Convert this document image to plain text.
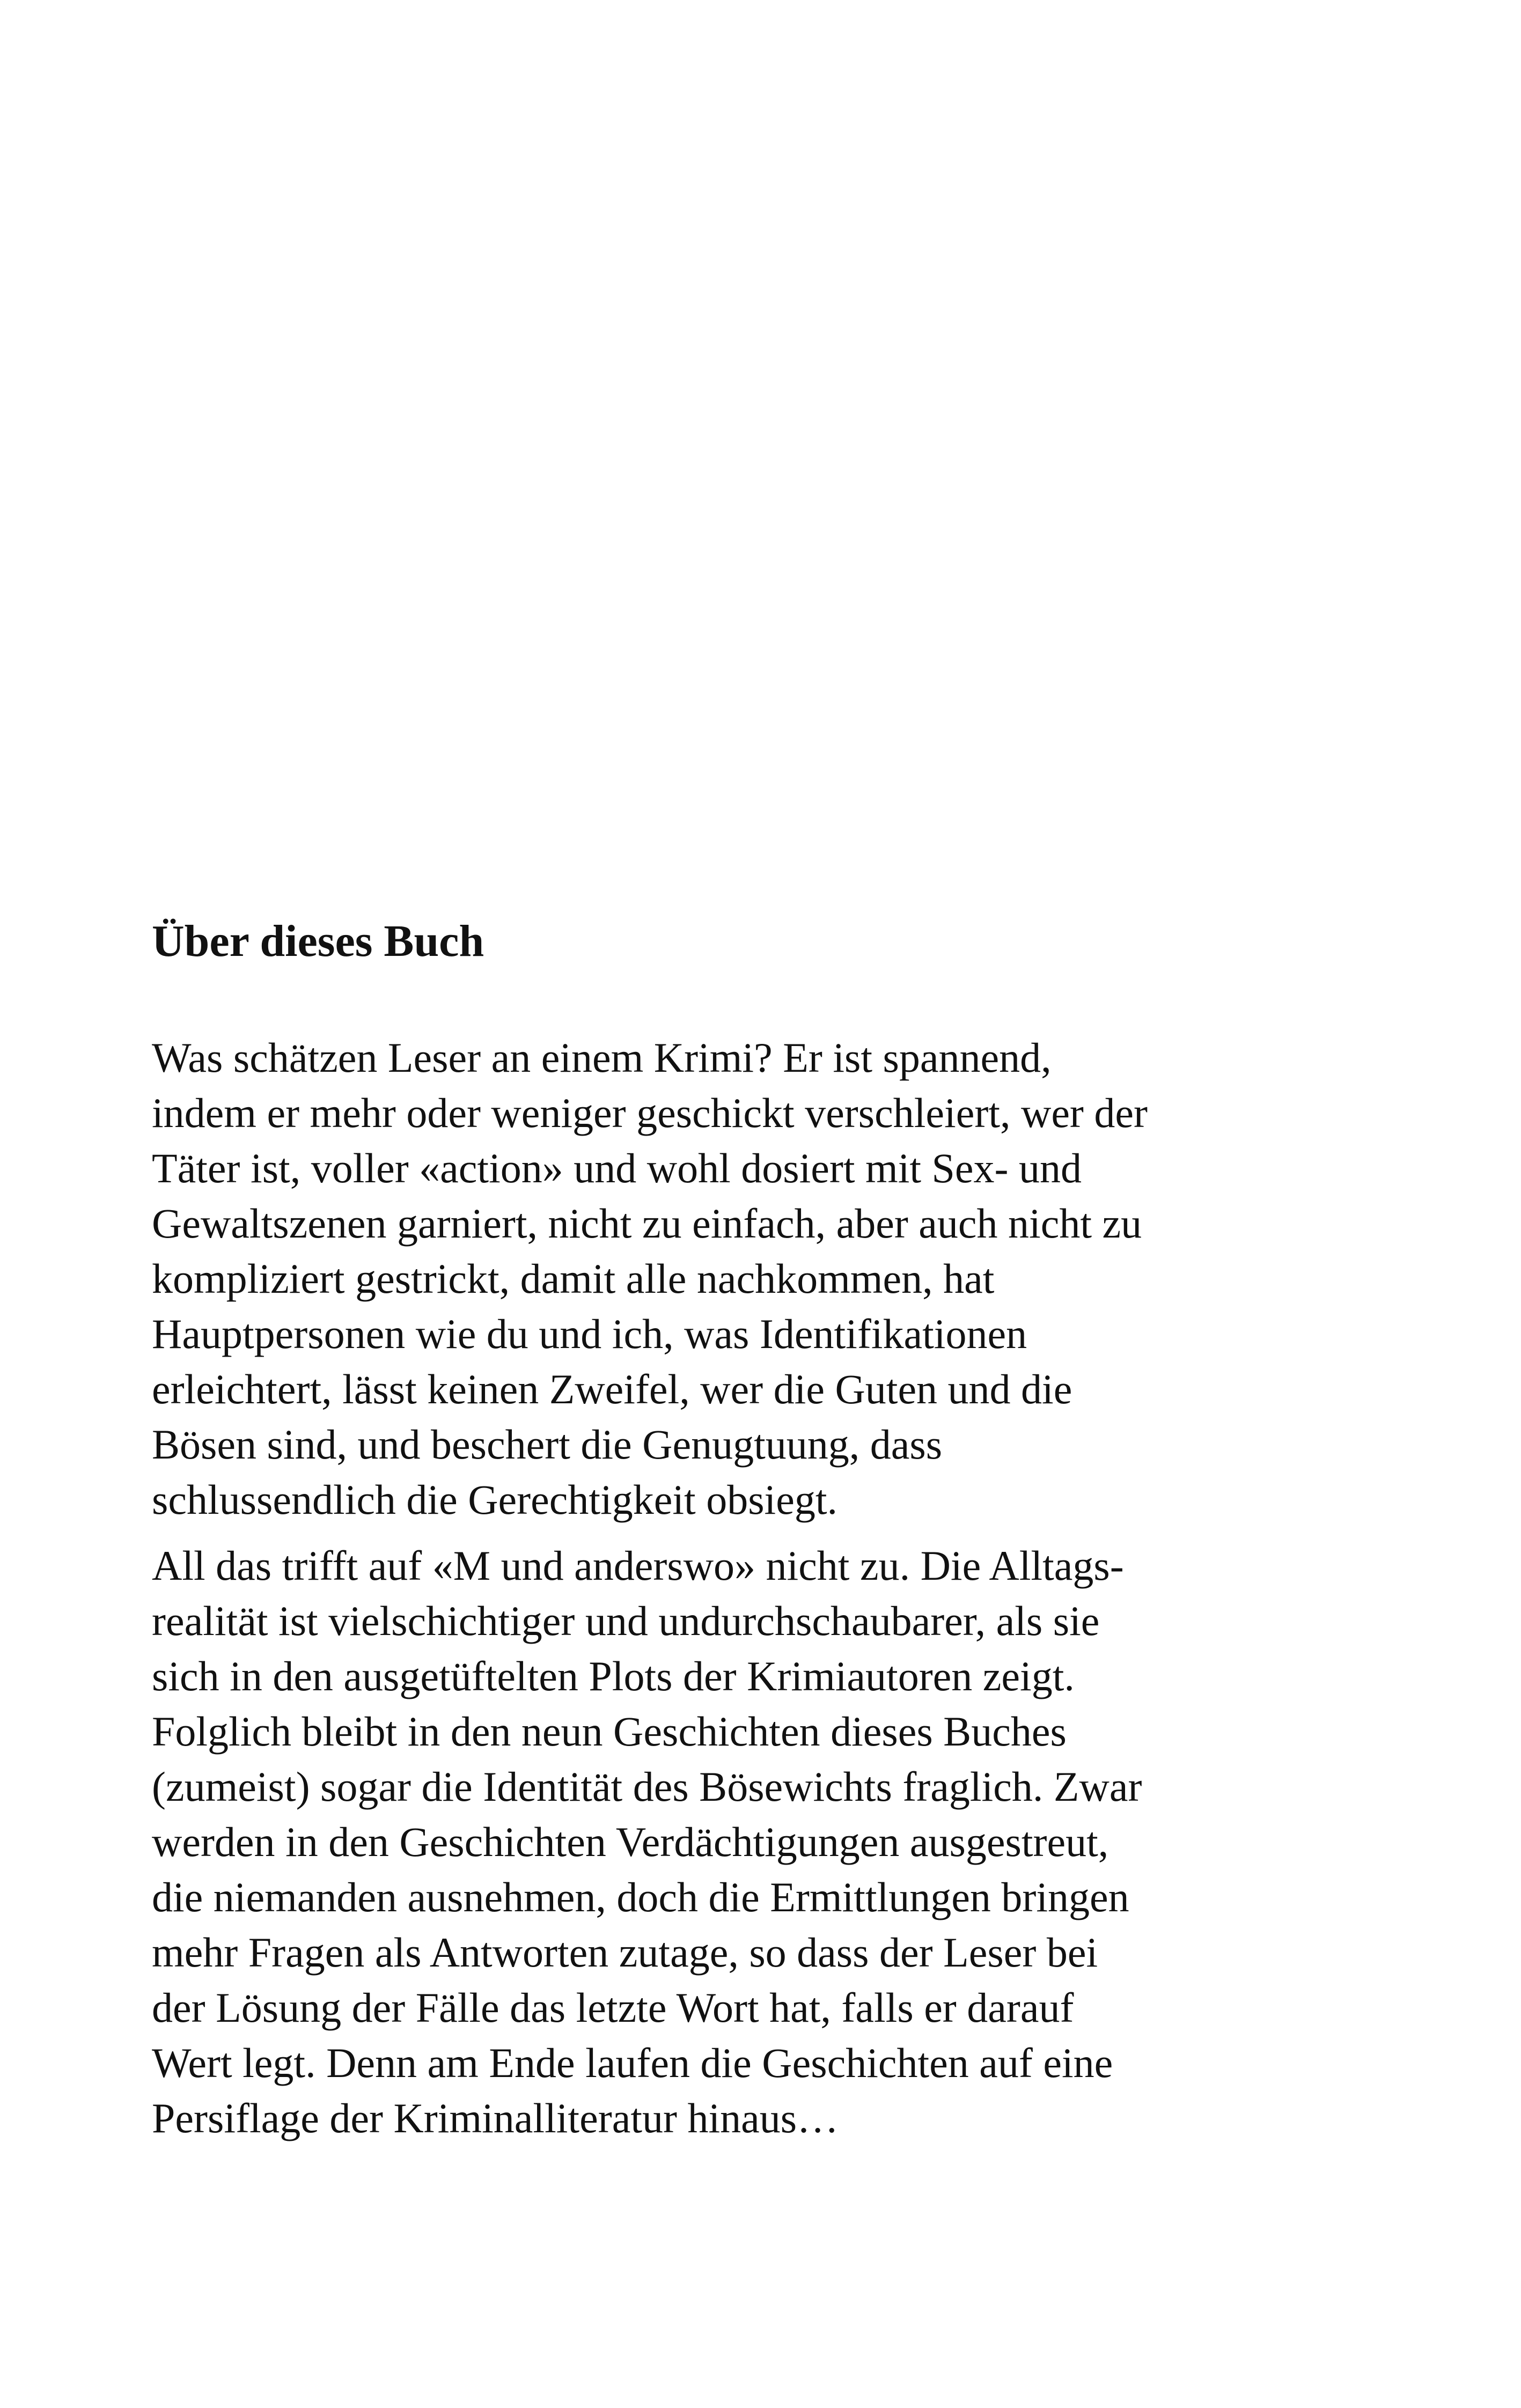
Über dieses Buch

Was schätzen Leser an einem Krimi? Er ist spannend,
indem er mehr oder weniger geschickt verschleiert, wer der
Täter ist, voller «action» und wohl dosiert mit Sex- und
Gewaltszenen garniert, nicht zu einfach, aber auch nicht zu
kompliziert gestrickt, damit alle nachkommen, hat
Hauptpersonen wie du und ich, was Identifikationen
erleichtert, lässt keinen Zweifel, wer die Guten und die
Bösen sind, und beschert die Genugtuung, dass
schlussendlich die Gerechtigkeit obsiegt.

All das trifft auf «M und anderswo» nicht zu. Die Alltags-
realität ist vielschichtiger und undurchschaubarer, als sie
sich in den ausgetüftelten Plots der Krimiautoren zeigt.
Folglich bleibt in den neun Geschichten dieses Buches
(zumeist) sogar die Identität des Bösewichts fraglich. Zwar
werden in den Geschichten Verdächtigungen ausgestreut,
die niemanden ausnehmen, doch die Ermittlungen bringen
mehr Fragen als Antworten zutage, so dass der Leser bei
der Lösung der Fälle das letzte Wort hat, falls er darauf
Wert legt. Denn am Ende laufen die Geschichten auf eine
Persiflage der Kriminalliteratur hinaus…
